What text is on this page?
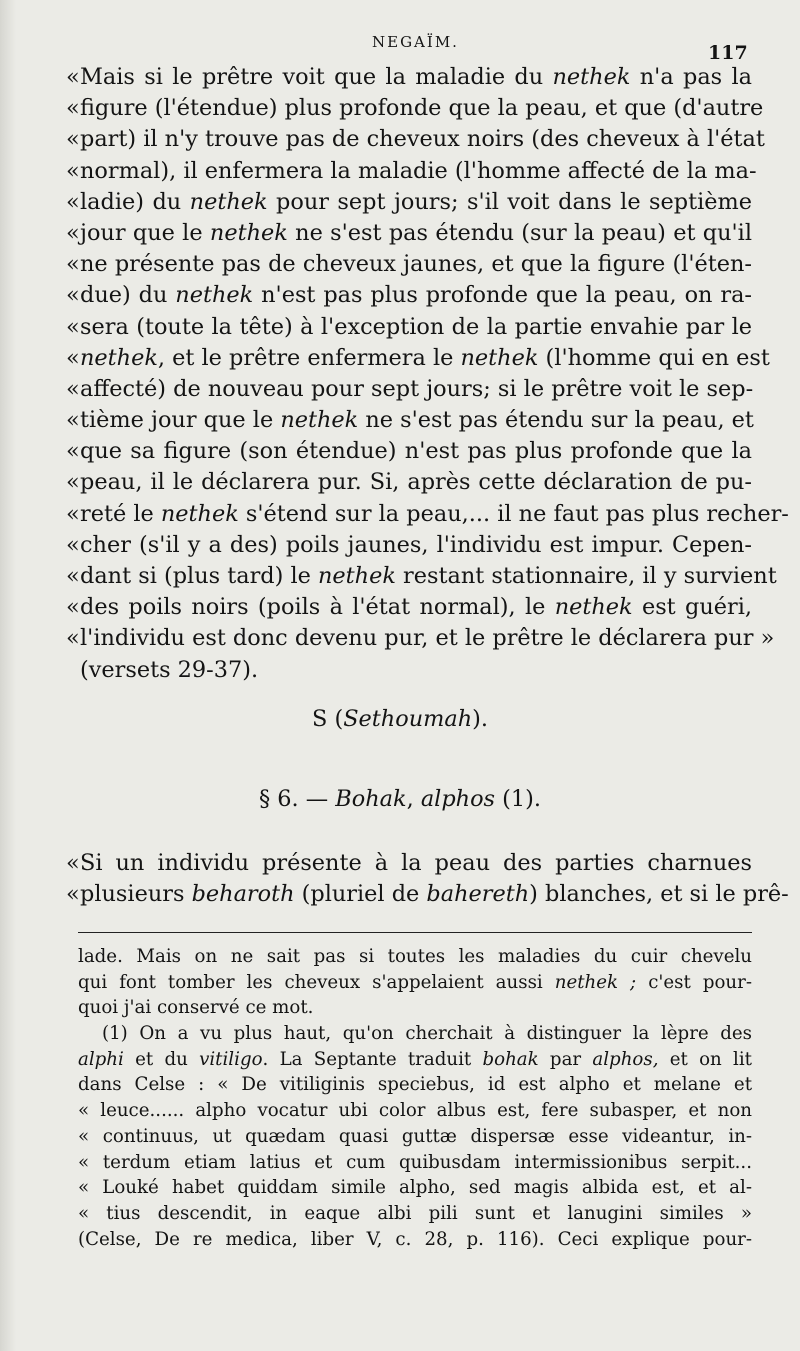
NEGAÏM.	117
«Mais si le prêtre voit que la maladie du nethek n'a pas la
«figure (l'étendue) plus profonde que la peau, et que (d'autre
«part) il n'y trouve pas de cheveux noirs (des cheveux à l'état
«normal), il enfermera la maladie (l'homme affecté de la ma-
«ladie) du nethek pour sept jours; s'il voit dans le septième
«jour que le nethek ne s'est pas étendu (sur la peau) et qu'il
«ne présente pas de cheveux jaunes, et que la figure (l'éten-
«due) du nethek n'est pas plus profonde que la peau, on ra-
«sera (toute la tête) à l'exception de la partie envahie par le
«nethek, et le prêtre enfermera le nethek (l'homme qui en est
«affecté) de nouveau pour sept jours; si le prêtre voit le sep-
«tième jour que le nethek ne s'est pas étendu sur la peau, et
«que sa figure (son étendue) n'est pas plus profonde que la
«peau, il le déclarera pur. Si, après cette déclaration de pu-
«reté le nethek s'étend sur la peau,... il ne faut pas plus recher-
«cher (s'il y a des) poils jaunes, l'individu est impur. Cepen-
«dant si (plus tard) le nethek restant stationnaire, il y survient
«des poils noirs (poils à l'état normal), le nethek est guéri,
«l'individu est donc devenu pur, et le prêtre le déclarera pur »
(versets 29-37).
S (Sethoumah).
§ 6. — Bohak, alphos (1).
«Si un individu présente à la peau des parties charnues
«plusieurs beharoth (pluriel de bahereth) blanches, et si le prê-
lade. Mais on ne sait pas si toutes les maladies du cuir chevelu
qui font tomber les cheveux s'appelaient aussi nethek ; c'est pour-
quoi j'ai conservé ce mot.
(1) On a vu plus haut, qu'on cherchait à distinguer la lèpre des
alphi et du vitiligo. La Septante traduit bohak par alphos, et on lit
dans Celse : « De vitiliginis speciebus, id est alpho et melane et
« leuce...... alpho vocatur ubi color albus est, fere subasper, et non
« continuus, ut quædam quasi guttæ dispersæ esse videantur, in-
« terdum etiam latius et cum quibusdam intermissionibus serpit...
« Louké habet quiddam simile alpho, sed magis albida est, et al-
« tius descendit, in eaque albi pili sunt et lanugini similes »
(Celse, De re medica, liber V, c. 28, p. 116). Ceci explique pour-
